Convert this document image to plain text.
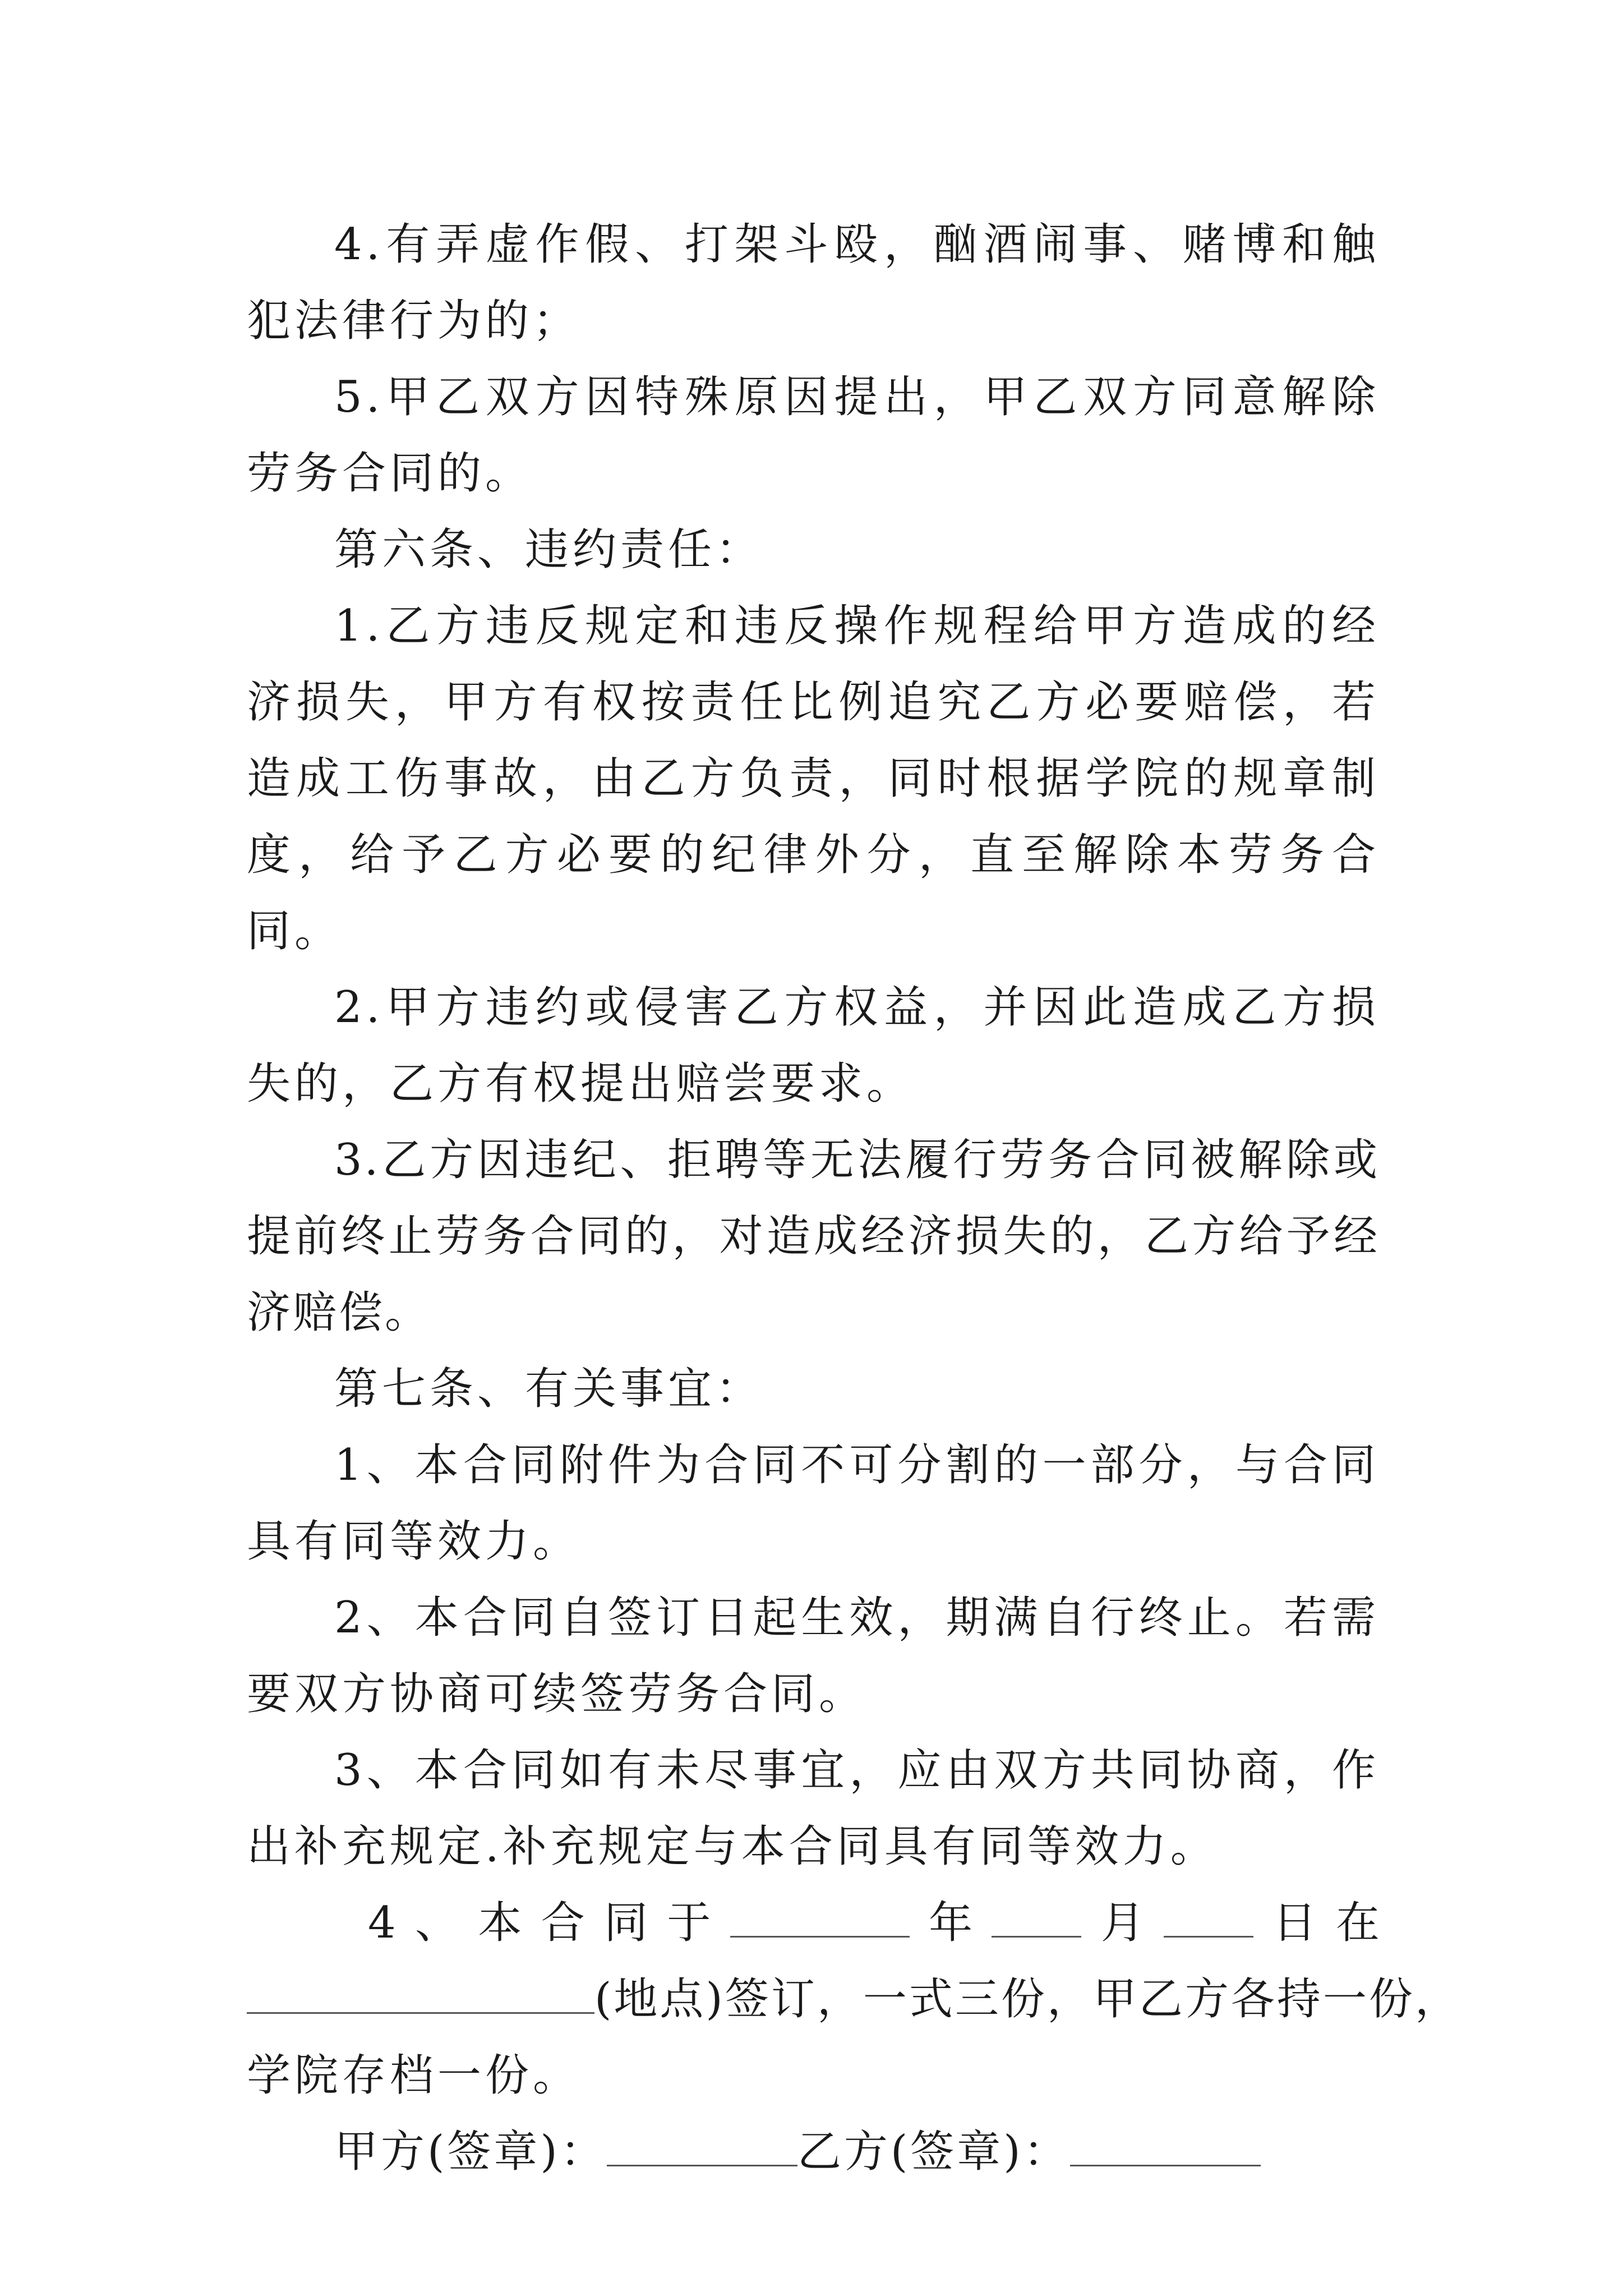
4.有弄虚作假、打架斗殴，酗酒闹事、赌博和触犯法律行为的；

5.甲乙双方因特殊原因提出，甲乙双方同意解除劳务合同的。

第六条、违约责任：

1.乙方违反规定和违反操作规程给甲方造成的经济损失，甲方有权按责任比例追究乙方必要赔偿，若造成工伤事故，由乙方负责，同时根据学院的规章制度，给予乙方必要的纪律外分，直至解除本劳务合同。

2.甲方违约或侵害乙方权益，并因此造成乙方损失的，乙方有权提出赔尝要求。

3.乙方因违纪、拒聘等无法履行劳务合同被解除或提前终止劳务合同的，对造成经济损失的，乙方给予经济赔偿。

第七条、有关事宜：

1、本合同附件为合同不可分割的一部分，与合同具有同等效力。

2、本合同自签订日起生效，期满自行终止。若需要双方协商可续签劳务合同。

3、本合同如有未尽事宜，应由双方共同协商，作出补充规定.补充规定与本合同具有同等效力。

4 、 本 合 同 于	年	月	日 在

(地点)签订，一式三份，甲乙方各持一份，

学院存档一份。

甲方(签章)：	乙方(签章)：
